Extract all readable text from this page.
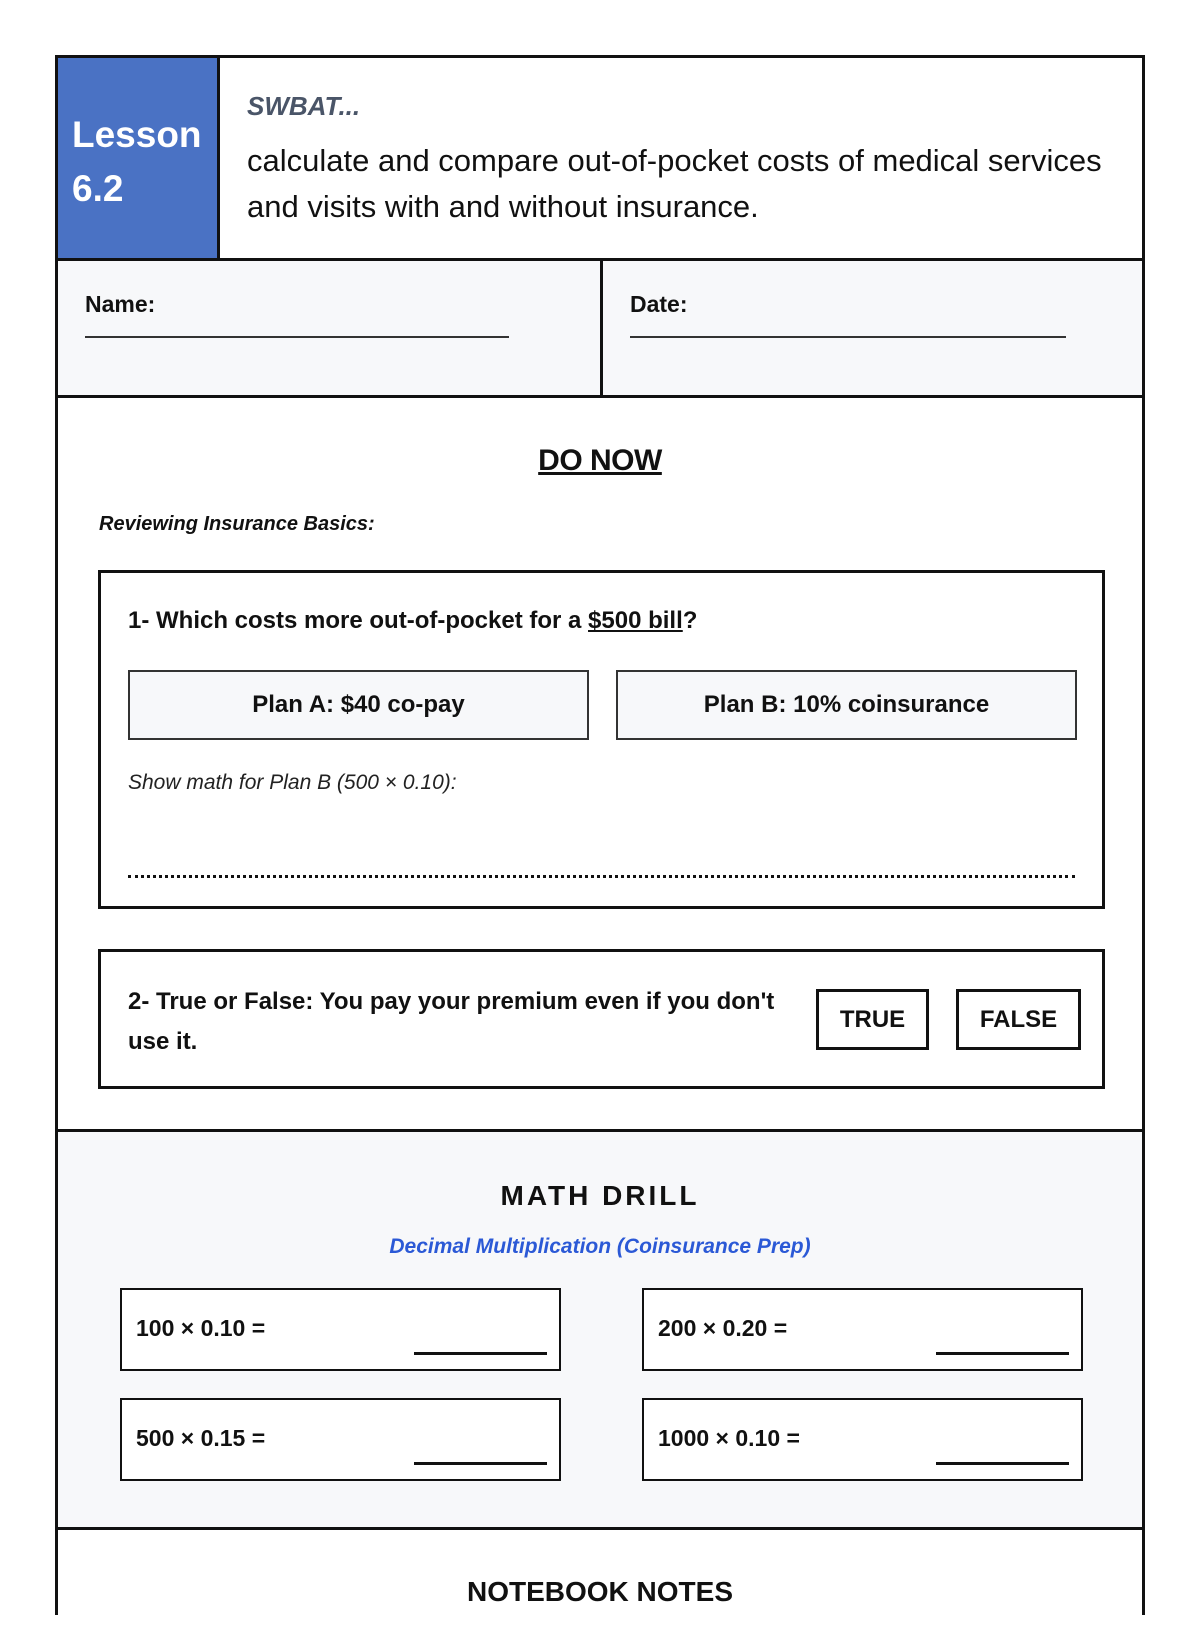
Lesson
6.2
SWBAT...
calculate and compare out-of-pocket costs of medical services and visits with and without insurance.
Name:	Date:
DO NOW
Reviewing Insurance Basics:
1- Which costs more out-of-pocket for a $500 bill?
Plan A: $40 co-pay	Plan B: 10% coinsurance
Show math for Plan B (500 × 0.10):
2- True or False: You pay your premium even if you don't use it.
TRUE	FALSE
MATH DRILL
Decimal Multiplication (Coinsurance Prep)
100 × 0.10 =	200 × 0.20 =
500 × 0.15 =	1000 × 0.10 =
NOTEBOOK NOTES
